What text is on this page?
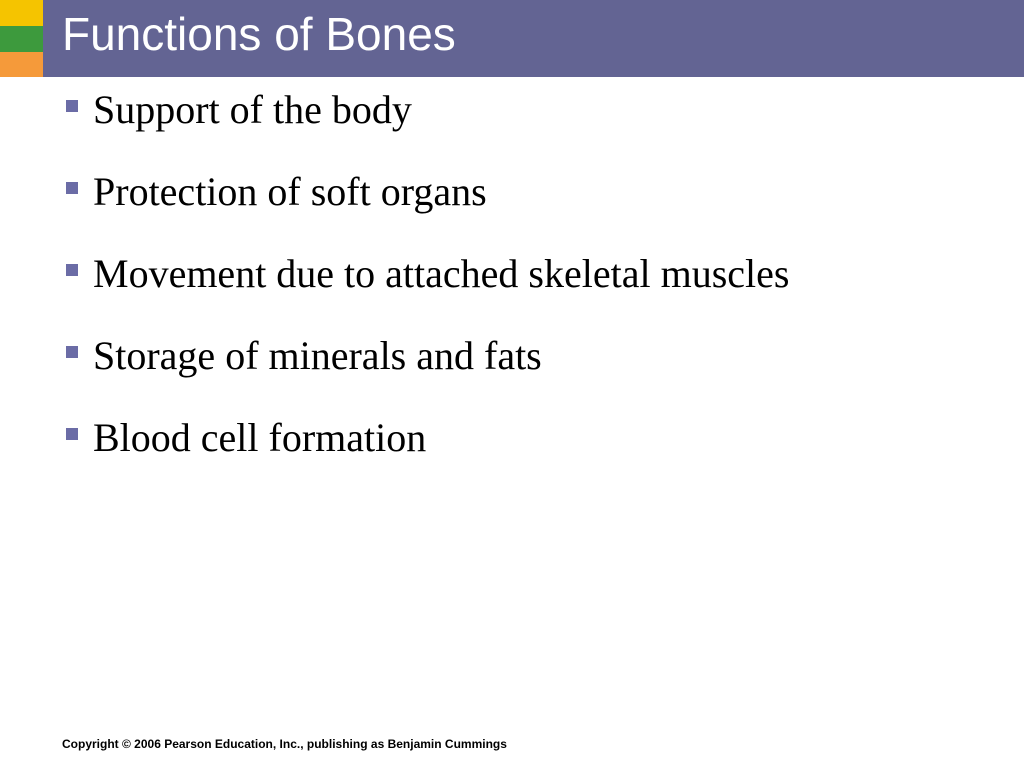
Functions of Bones
Support of the body
Protection of soft organs
Movement due to attached skeletal muscles
Storage of minerals and fats
Blood cell formation
Copyright © 2006 Pearson Education, Inc., publishing as Benjamin Cummings
